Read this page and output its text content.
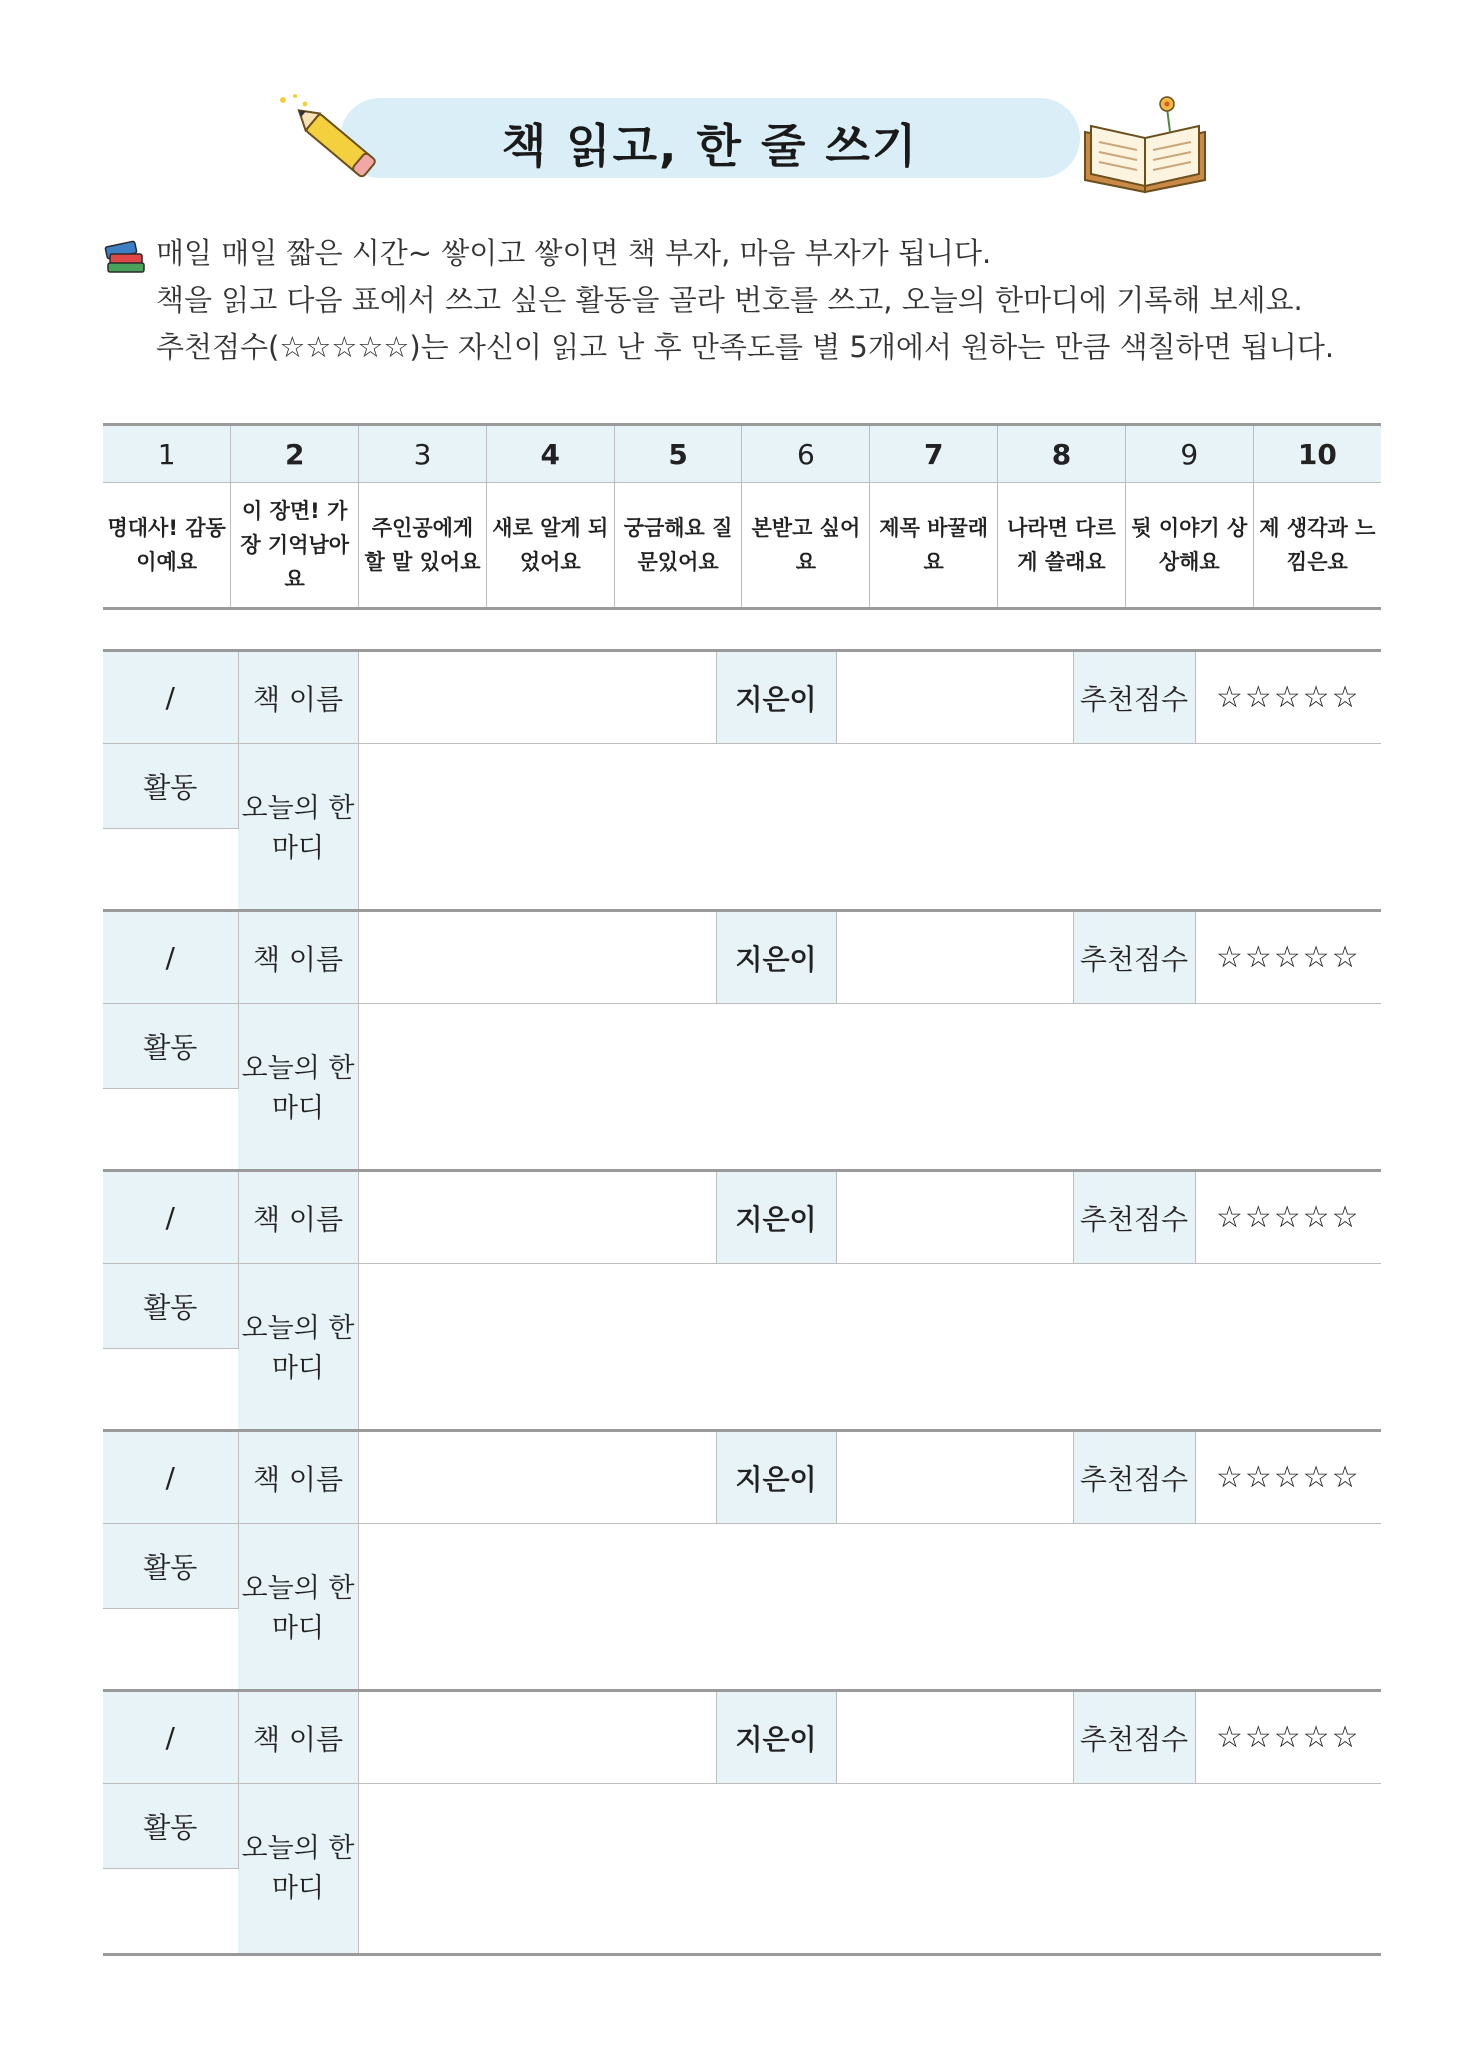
책 읽고, 한 줄 쓰기
매일 매일 짧은 시간~ 쌓이고 쌓이면 책 부자, 마음 부자가 됩니다.
책을 읽고 다음 표에서 쓰고 싶은 활동을 골라 번호를 쓰고, 오늘의 한마디에 기록해 보세요.
추천점수(☆☆☆☆☆)는 자신이 읽고 난 후 만족도를 별 5개에서 원하는 만큼 색칠하면 됩니다.
1	2	3	4	5	6	7	8	9	10
명대사! 감동이예요	이 장면! 가장 기억남아요	주인공에게 할 말 있어요	새로 알게 되었어요	궁금해요 질문있어요	본받고 싶어요	제목 바꿀래요	나라면 다르게 쓸래요	뒷 이야기 상상해요	제 생각과 느낌은요
/	책 이름		지은이		추천점수	☆☆☆☆☆
활동	오늘의 한마디					

/	책 이름		지은이		추천점수	☆☆☆☆☆
활동	오늘의 한마디					

/	책 이름		지은이		추천점수	☆☆☆☆☆
활동	오늘의 한마디					

/	책 이름		지은이		추천점수	☆☆☆☆☆
활동	오늘의 한마디					

/	책 이름		지은이		추천점수	☆☆☆☆☆
활동	오늘의 한마디					
